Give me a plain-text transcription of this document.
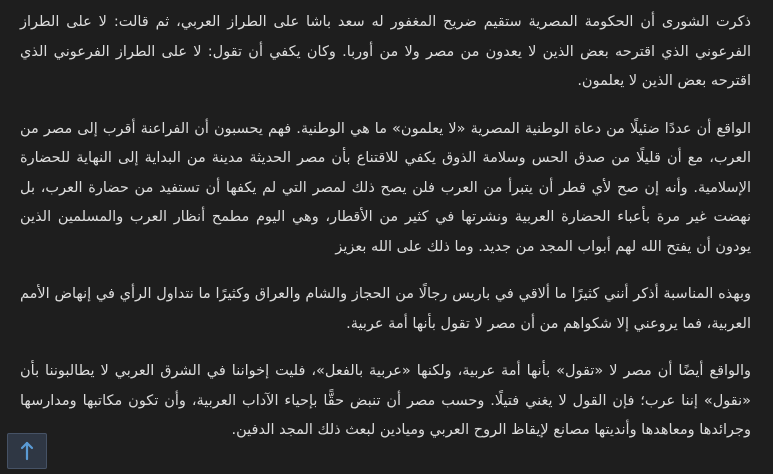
ذكرت الشورى أن الحكومة المصرية ستقيم ضريح المغفور له سعد باشا على الطراز العربي، ثم قالت: لا على الطراز الفرعوني الذي اقترحه بعض الذين لا يعدون من مصر ولا من أوربا. وكان يكفي أن تقول: لا على الطراز الفرعوني الذي اقترحه بعض الذين لا يعلمون.

الواقع أن عددًا ضئيلًا من دعاة الوطنية المصرية «لا يعلمون» ما هي الوطنية. فهم يحسبون أن الفراعنة أقرب إلى مصر من العرب، مع أن قليلًا من صدق الحس وسلامة الذوق يكفي للاقتناع بأن مصر الحديثة مدينة من البداية إلى النهاية للحضارة الإسلامية. وأنه إن صح لأي قطر أن يتبرأ من العرب فلن يصح ذلك لمصر التي لم يكفها أن تستفيد من حضارة العرب، بل نهضت غير مرة بأعباء الحضارة العربية ونشرتها في كثير من الأقطار، وهي اليوم مطمح أنظار العرب والمسلمين الذين يودون أن يفتح الله لهم أبواب المجد من جديد. وما ذلك على الله بعزيز

وبهذه المناسبة أذكر أنني كثيرًا ما ألاقي في باريس رجالًا من الحجاز والشام والعراق وكثيرًا ما نتداول الرأي في إنهاض الأمم العربية، فما يروعني إلا شكواهم من أن مصر لا تقول بأنها أمة عربية.

والواقع أيضًا أن مصر لا «تقول» بأنها أمة عربية، ولكنها «عربية بالفعل»، فليت إخواننا في الشرق العربي لا يطالبوننا بأن «نقول» إننا عرب؛ فإن القول لا يغني فتيلًا. وحسب مصر أن تنبض حقًّا بإحياء الآداب العربية، وأن تكون مكاتبها ومدارسها وجرائدها ومعاهدها وأنديتها مصانع لإيقاظ الروح العربي وميادين لبعث ذلك المجد الدفين.
